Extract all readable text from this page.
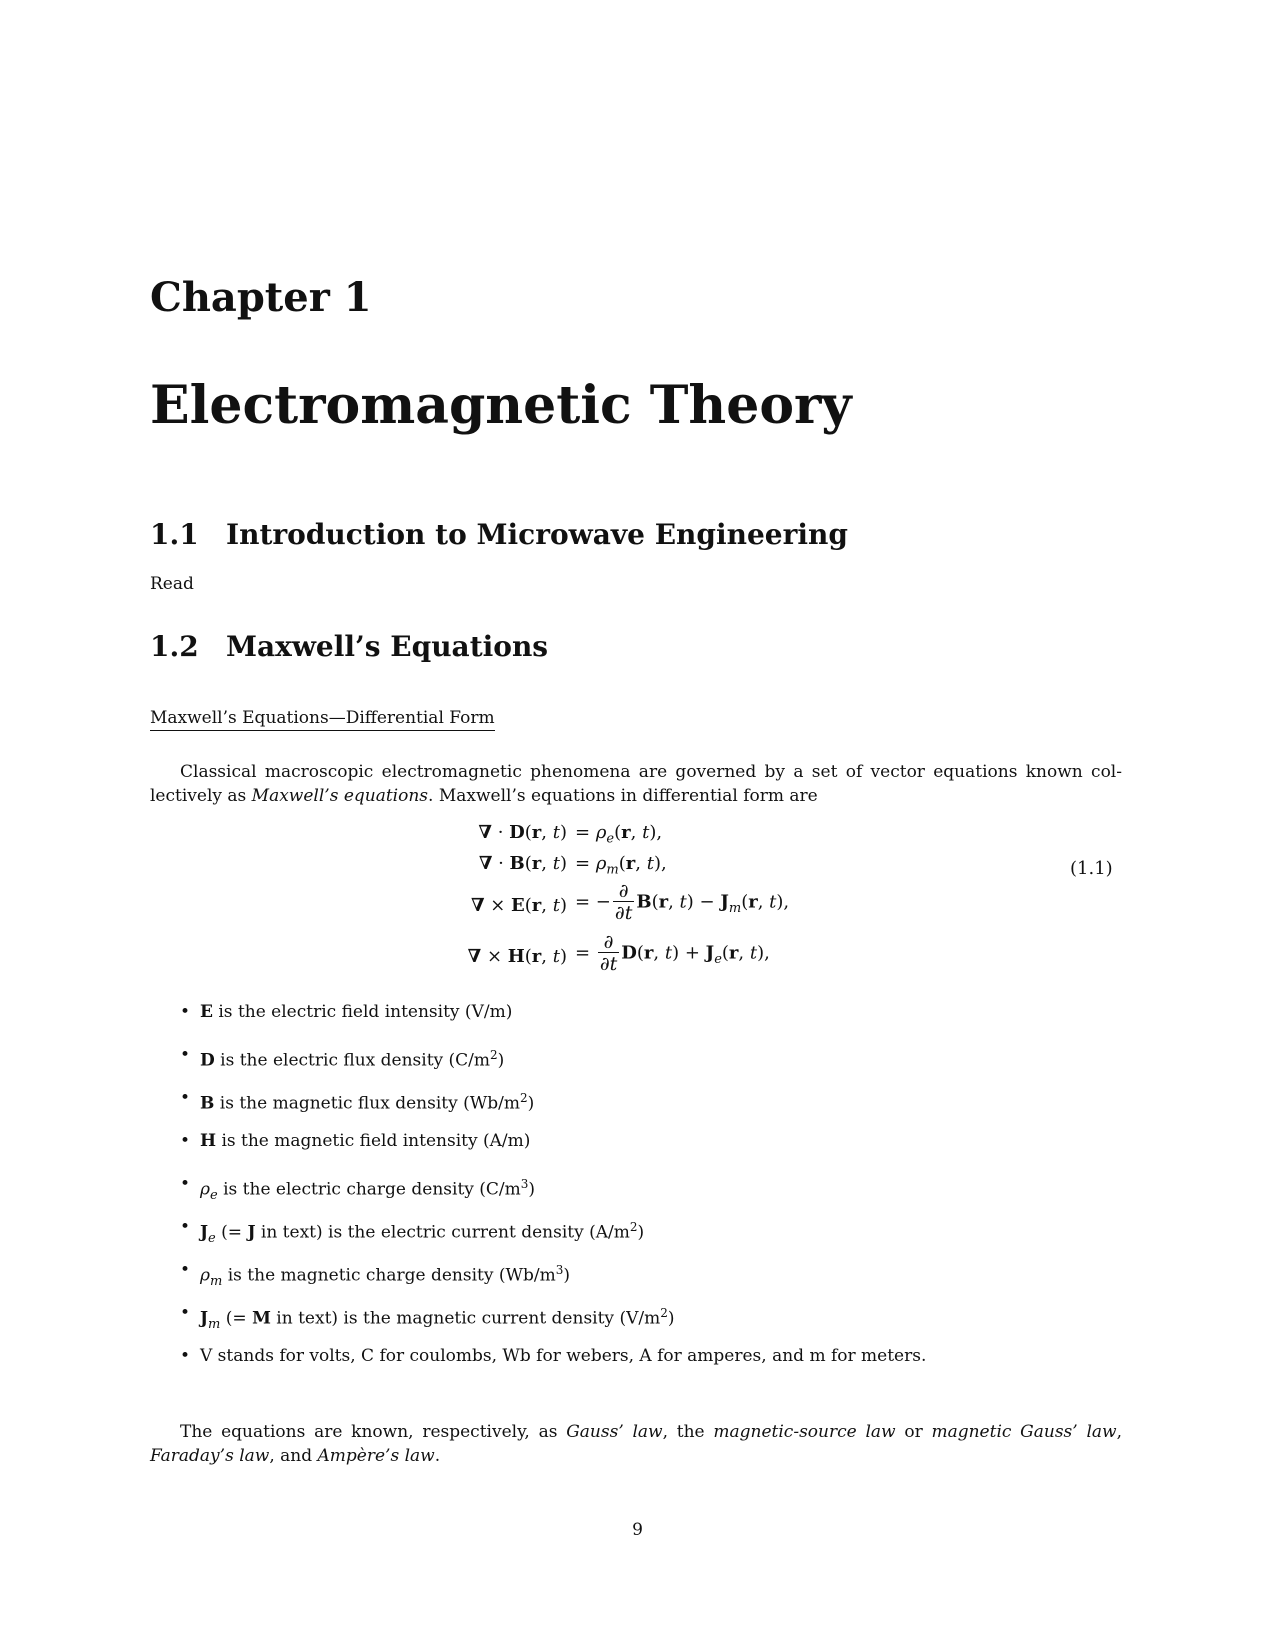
Chapter 1
Electromagnetic Theory
1.1 Introduction to Microwave Engineering
Read
1.2 Maxwell’s Equations
Maxwell’s Equations—Differential Form

Classical macroscopic electromagnetic phenomena are governed by a set of vector equations known col-lectively as Maxwell’s equations. Maxwell’s equations in differential form are

∇ · D(r, $t) = \rho_e(r$, t),
∇ · B(r, $t) = \rho_m(r$, t),
∇ × E(r, t) = − $\frac{\partial}{\partial t} B(r$, $t) - J_m(r$, t),
∇ × H(r, $t) = \frac{\partial}{\partial t} D(r$, $t) + J_e(r$, t),
(1.1)
• E is the electric field intensity (V/m)
• D is the electric flux density $(C/m^2)$
• B is the magnetic flux density $(Wb/m^2)$
• H is the magnetic field intensity (A/m)
• $\rho_e$ is the electric charge density $(C/m^3)$
• $J_e$ (= J in text) is the electric current density $(A/m^2)$
• $\rho_m$ is the magnetic charge density $(Wb/m^3)$
• $J_m$ (= M in text) is the magnetic current density $(V/m^2)$
• V stands for volts, C for coulombs, Wb for webers, A for amperes, and m for meters.

The equations are known, respectively, as Gauss’ law, the magnetic-source law or magnetic Gauss’ law, Faraday’s law, and Ampère’s law.

9
